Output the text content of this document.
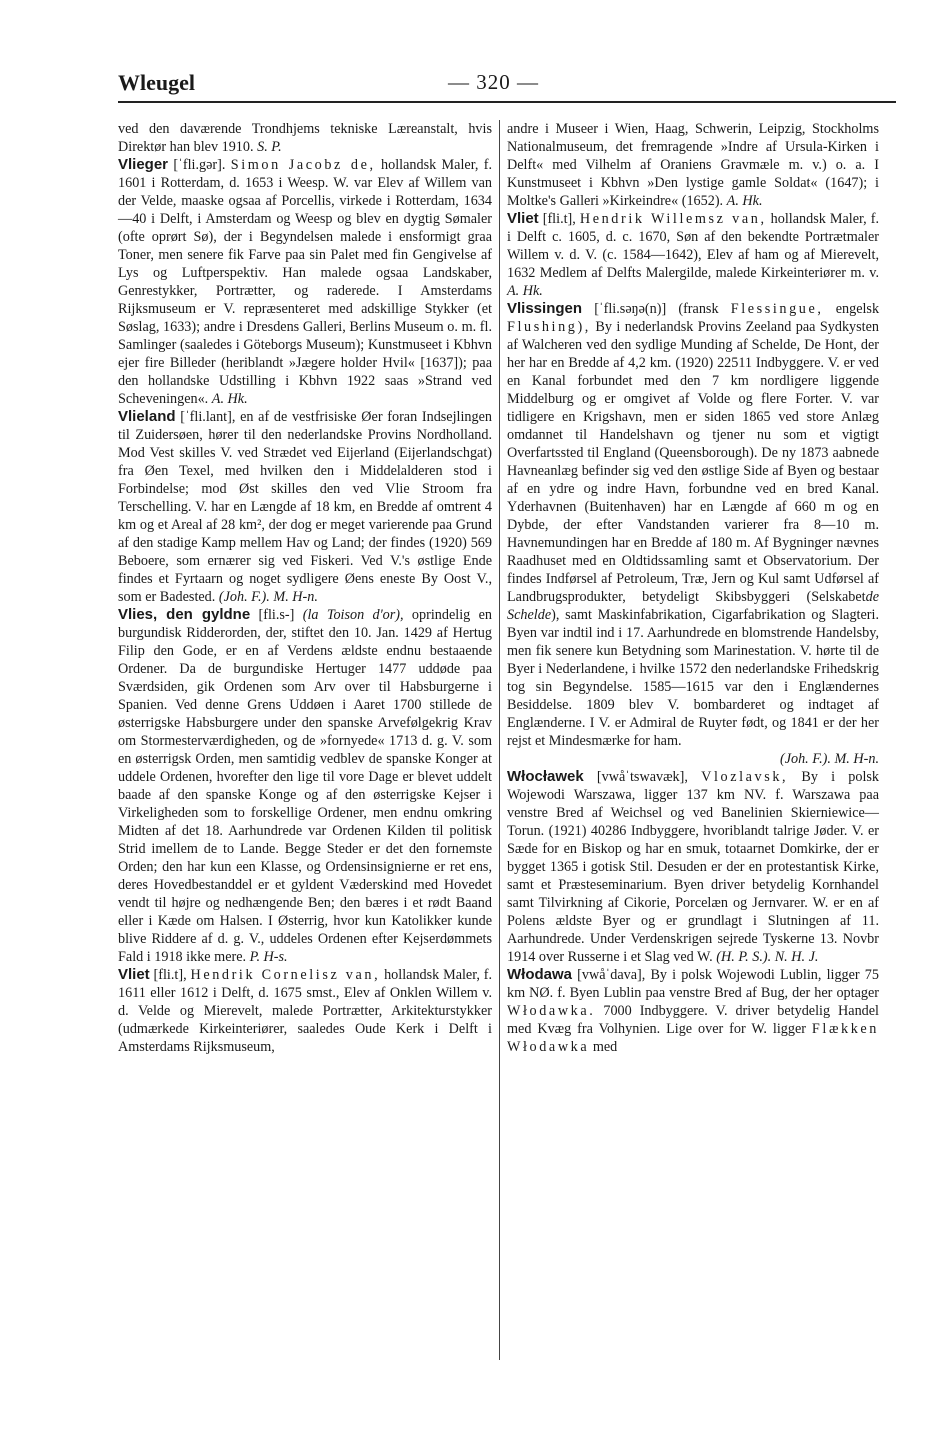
Wleugel	— 320 —

ved den daværende Trondhjems tekniske Læreanstalt, hvis Direktør han blev 1910. S. P.

Vlieger [ˈfli.gər]. Simon Jacobz de, hollandsk Maler, f. 1601 i Rotterdam, d. 1653 i Weesp. W. var Elev af Willem van der Velde, maaske ogsaa af Porcellis, virkede i Rotterdam, 1634—40 i Delft, i Amsterdam og Weesp og blev en dygtig Sømaler (ofte oprørt Sø), der i Begyndelsen malede i ensformigt graa Toner, men senere fik Farve paa sin Palet med fin Gengivelse af Lys og Luftperspektiv. Han malede ogsaa Landskaber, Genrestykker, Portrætter, og raderede. I Amsterdams Rijksmuseum er V. repræsenteret med adskillige Stykker (et Søslag, 1633); andre i Dresdens Galleri, Berlins Museum o. m. fl. Samlinger (saaledes i Göteborgs Museum); Kunstmuseet i Kbhvn ejer fire Billeder (heriblandt »Jægere holder Hvil« [1637]); paa den hollandske Udstilling i Kbhvn 1922 saas »Strand ved Scheveningen«. A. Hk.

Vlieland [ˈfli.lant], en af de vestfrisiske Øer foran Indsejlingen til Zuidersøen, hører til den nederlandske Provins Nordholland. Mod Vest skilles V. ved Strædet ved Eijerland (Eijerlandschgat) fra Øen Texel, med hvilken den i Middelalderen stod i Forbindelse; mod Øst skilles den ved Vlie Stroom fra Terschelling. V. har en Længde af 18 km, en Bredde af omtrent 4 km og et Areal af 28 km², der dog er meget varierende paa Grund af den stadige Kamp mellem Hav og Land; der findes (1920) 569 Beboere, som ernærer sig ved Fiskeri. Ved V.'s østlige Ende findes et Fyrtaarn og noget sydligere Øens eneste By Oost V., som er Badested. (Joh. F.). M. H-n.

Vlies, den gyldne [fli.s-] (la Toison d'or), oprindelig en burgundisk Ridderorden, der, stiftet den 10. Jan. 1429 af Hertug Filip den Gode, er en af Verdens ældste endnu bestaaende Ordener. Da de burgundiske Hertuger 1477 uddøde paa Sværdsiden, gik Ordenen som Arv over til Habsburgerne i Spanien. Ved denne Grens Uddøen i Aaret 1700 stillede de østerrigske Habsburgere under den spanske Arvefølgekrig Krav om Stormesterværdigheden, og de »fornyede« 1713 d. g. V. som en østerrigsk Orden, men samtidig vedblev de spanske Konger at uddele Ordenen, hvorefter den lige til vore Dage er blevet uddelt baade af den spanske Konge og af den østerrigske Kejser i Virkeligheden som to forskellige Ordener, men endnu omkring Midten af det 18. Aarhundrede var Ordenen Kilden til politisk Strid imellem de to Lande. Begge Steder er det den fornemste Orden; den har kun een Klasse, og Ordensinsignierne er ret ens, deres Hovedbestanddel er et gyldent Væderskind med Hovedet vendt til højre og nedhængende Ben; den bæres i et rødt Baand eller i Kæde om Halsen. I Østerrig, hvor kun Katolikker kunde blive Riddere af d. g. V., uddeles Ordenen efter Kejserdømmets Fald i 1918 ikke mere. P. H-s.

Vliet [fli.t], Hendrik Cornelisz van, hollandsk Maler, f. 1611 eller 1612 i Delft, d. 1675 smst., Elev af Onklen Willem v. d. Velde og Mierevelt, malede Portrætter, Arkitekturstykker (udmærkede Kirkeinteriører, saaledes Oude Kerk i Delft i Amsterdams Rijksmuseum,

andre i Museer i Wien, Haag, Schwerin, Leipzig, Stockholms Nationalmuseum, det fremragende »Indre af Ursula-Kirken i Delft« med Vilhelm af Oraniens Gravmæle m. v.) o. a. I Kunstmuseet i Kbhvn »Den lystige gamle Soldat« (1647); i Moltke's Galleri »Kirkeindre« (1652). A. Hk.

Vliet [fli.t], Hendrik Willemsz van, hollandsk Maler, f. i Delft c. 1605, d. c. 1670, Søn af den bekendte Portrætmaler Willem v. d. V. (c. 1584—1642), Elev af ham og af Mierevelt, 1632 Medlem af Delfts Malergilde, malede Kirkeinteriører m. v. A. Hk.

Vlissingen [ˈfli.səŋə(n)] (fransk Flessingue, engelsk Flushing), By i nederlandsk Provins Zeeland paa Sydkysten af Walcheren ved den sydlige Munding af Schelde, De Hont, der her har en Bredde af 4,2 km. (1920) 22511 Indbyggere. V. er ved en Kanal forbundet med den 7 km nordligere liggende Middelburg og er omgivet af Volde og flere Forter. V. var tidligere en Krigshavn, men er siden 1865 ved store Anlæg omdannet til Handelshavn og tjener nu som et vigtigt Overfartssted til England (Queensborough). De ny 1873 aabnede Havneanlæg befinder sig ved den østlige Side af Byen og bestaar af en ydre og indre Havn, forbundne ved en bred Kanal. Yderhavnen (Buitenhaven) har en Længde af 660 m og en Dybde, der efter Vandstanden varierer fra 8—10 m. Havnemundingen har en Bredde af 180 m. Af Bygninger nævnes Raadhuset med en Oldtidssamling samt et Observatorium. Der findes Indførsel af Petroleum, Træ, Jern og Kul samt Udførsel af Landbrugsprodukter, betydeligt Skibsbyggeri (Selskabetde Schelde), samt Maskinfabrikation, Cigarfabrikation og Slagteri. Byen var indtil ind i 17. Aarhundrede en blomstrende Handelsby, men fik senere kun Betydning som Marinestation. V. hørte til de Byer i Nederlandene, i hvilke 1572 den nederlandske Frihedskrig tog sin Begyndelse. 1585—1615 var den i Englændernes Besiddelse. 1809 blev V. bombarderet og indtaget af Englænderne. I V. er Admiral de Ruyter født, og 1841 er der her rejst et Mindesmærke for ham.

(Joh. F.). M. H-n.

Włocławek [vwåˈtswavæk], Vlozlavsk, By i polsk Wojewodi Warszawa, ligger 137 km NV. f. Warszawa paa venstre Bred af Weichsel og ved Banelinien Skierniewice—Torun. (1921) 40286 Indbyggere, hvoriblandt talrige Jøder. V. er Sæde for en Biskop og har en smuk, totaarnet Domkirke, der er bygget 1365 i gotisk Stil. Desuden er der en protestantisk Kirke, samt et Præsteseminarium. Byen driver betydelig Kornhandel samt Tilvirkning af Cikorie, Porcelæn og Jernvarer. W. er en af Polens ældste Byer og er grundlagt i Slutningen af 11. Aarhundrede. Under Verdenskrigen sejrede Tyskerne 13. Novbr 1914 over Russerne i et Slag ved W. (H. P. S.). N. H. J.

Włodawa [vwåˈdava], By i polsk Wojewodi Lublin, ligger 75 km NØ. f. Byen Lublin paa venstre Bred af Bug, der her optager Włodawka. 7000 Indbyggere. V. driver betydelig Handel med Kvæg fra Volhynien. Lige over for W. ligger Flækken Włodawka med
